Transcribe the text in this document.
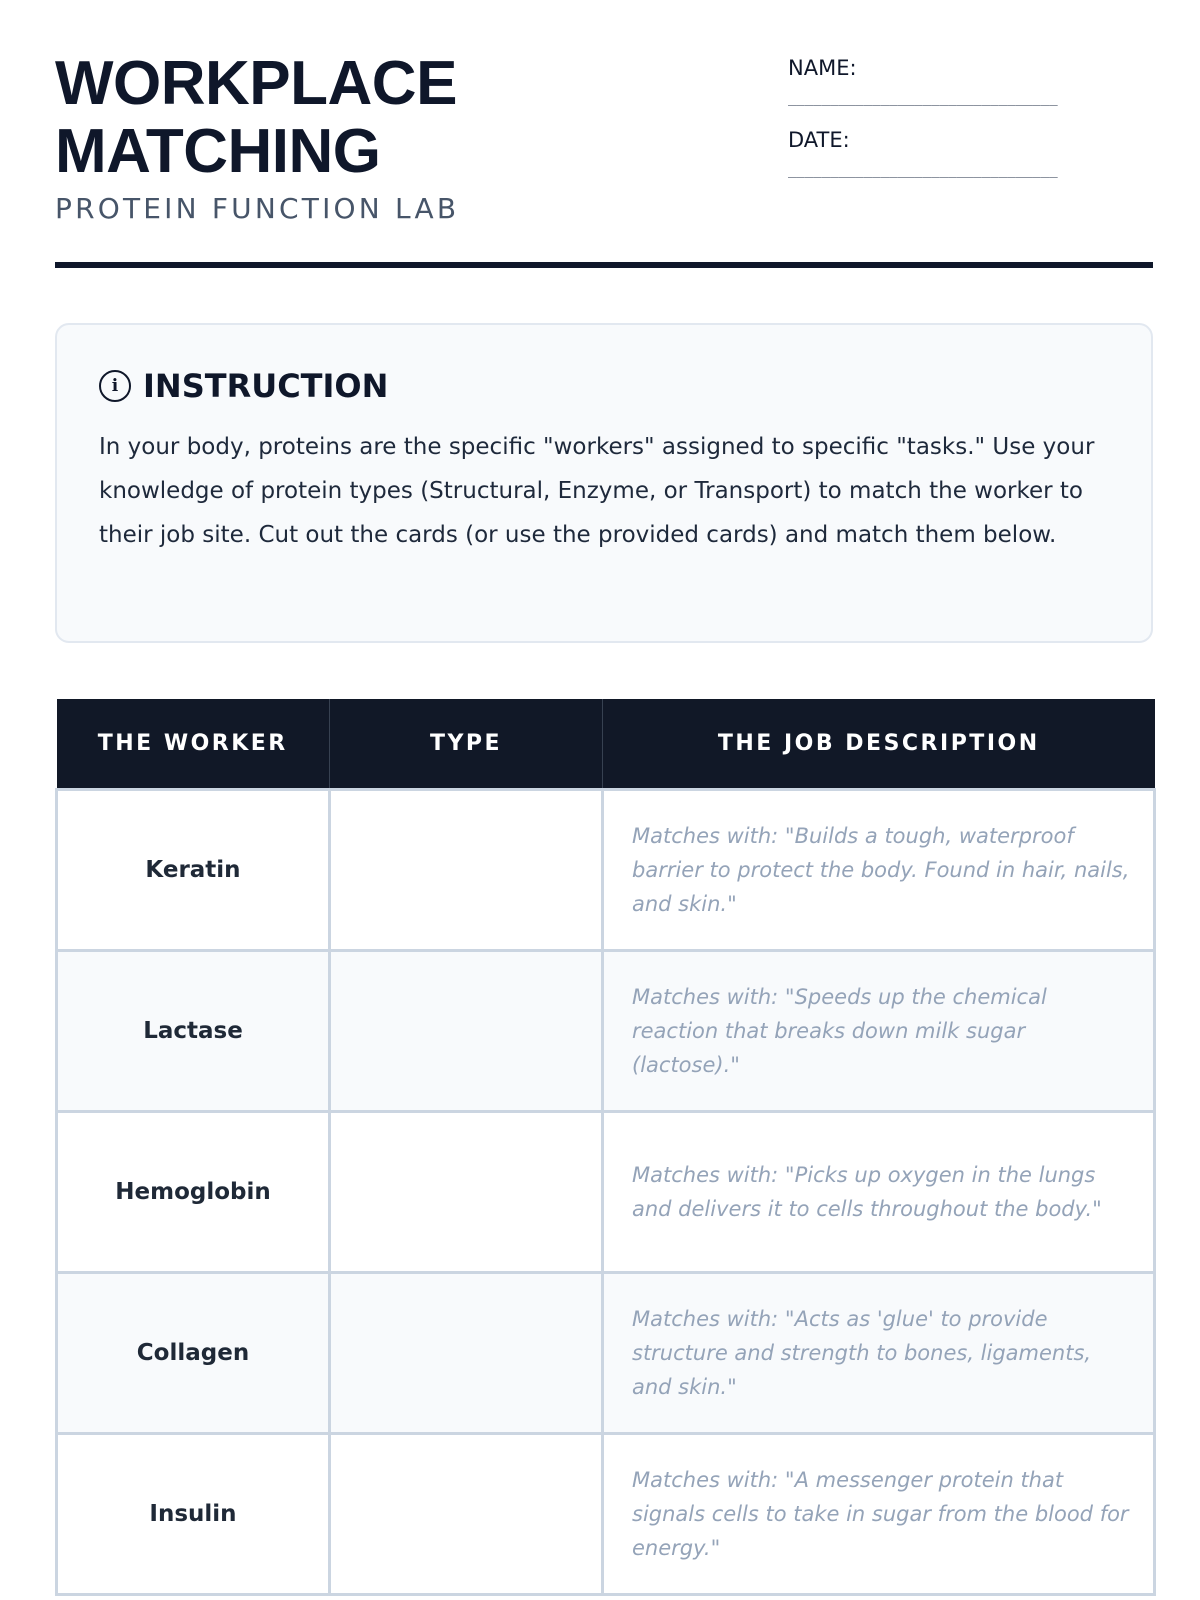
WORKPLACE
MATCHING
PROTEIN FUNCTION LAB
NAME:
________________________________
DATE:
________________________________
i INSTRUCTION

In your body, proteins are the specific "workers" assigned to specific "tasks." Use your knowledge of protein types (Structural, Enzyme, or Transport) to match the worker to their job site. Cut out the cards (or use the provided cards) and match them below.

THE WORKER	TYPE	THE JOB DESCRIPTION
Keratin		Matches with: "Builds a tough, waterproof barrier to protect the body. Found in hair, nails, and skin."
Lactase		Matches with: "Speeds up the chemical reaction that breaks down milk sugar (lactose)."
Hemoglobin		Matches with: "Picks up oxygen in the lungs and delivers it to cells throughout the body."
Collagen		Matches with: "Acts as 'glue' to provide structure and strength to bones, ligaments, and skin."
Insulin		Matches with: "A messenger protein that signals cells to take in sugar from the blood for energy."
